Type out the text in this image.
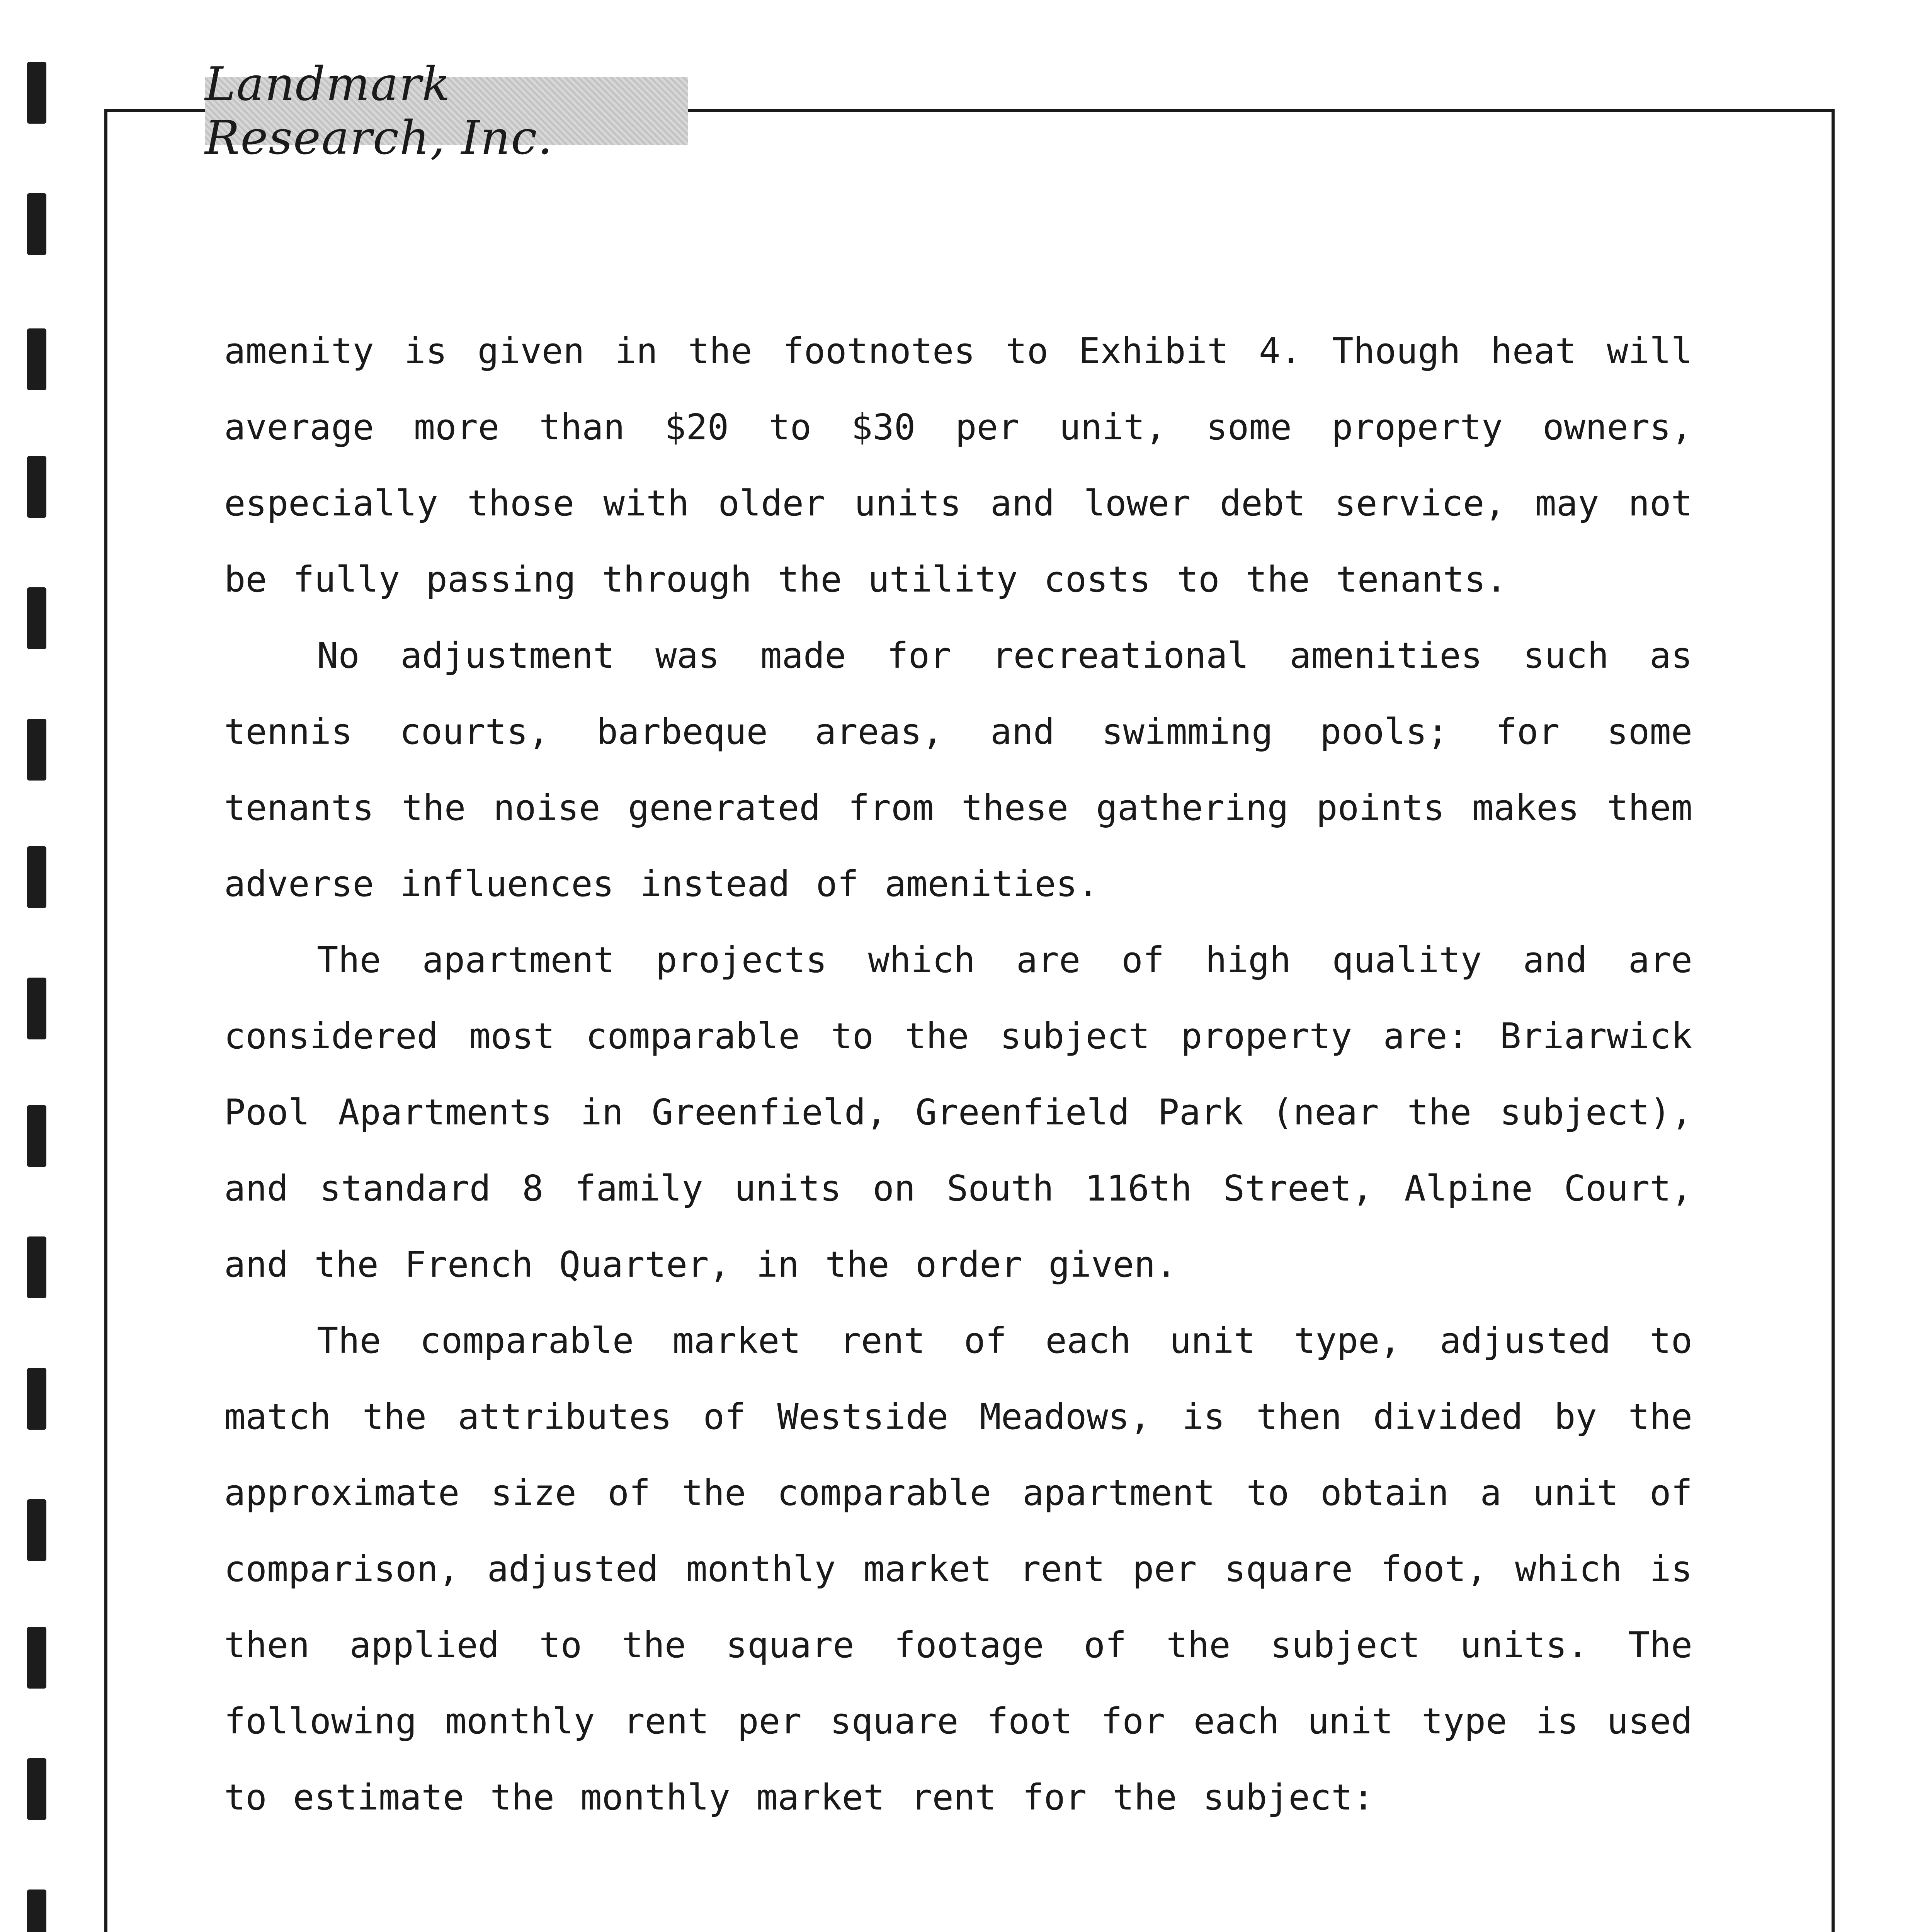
Landmark Research, Inc.

amenity is given in the footnotes to Exhibit 4. Though heat will average more than $20 to $30 per unit, some property owners, especially those with older units and lower debt service, may not be fully passing through the utility costs to the tenants.

No adjustment was made for recreational amenities such as tennis courts, barbeque areas, and swimming pools; for some tenants the noise generated from these gathering points makes them adverse influences instead of amenities.

The apartment projects which are of high quality and are considered most comparable to the subject property are: Briarwick Pool Apartments in Greenfield, Greenfield Park (near the subject), and standard 8 family units on South 116th Street, Alpine Court, and the French Quarter, in the order given.

The comparable market rent of each unit type, adjusted to match the attributes of Westside Meadows, is then divided by the approximate size of the comparable apartment to obtain a unit of comparison, adjusted monthly market rent per square foot, which is then applied to the square footage of the subject units. The following monthly rent per square foot for each unit type is used to estimate the monthly market rent for the subject:
